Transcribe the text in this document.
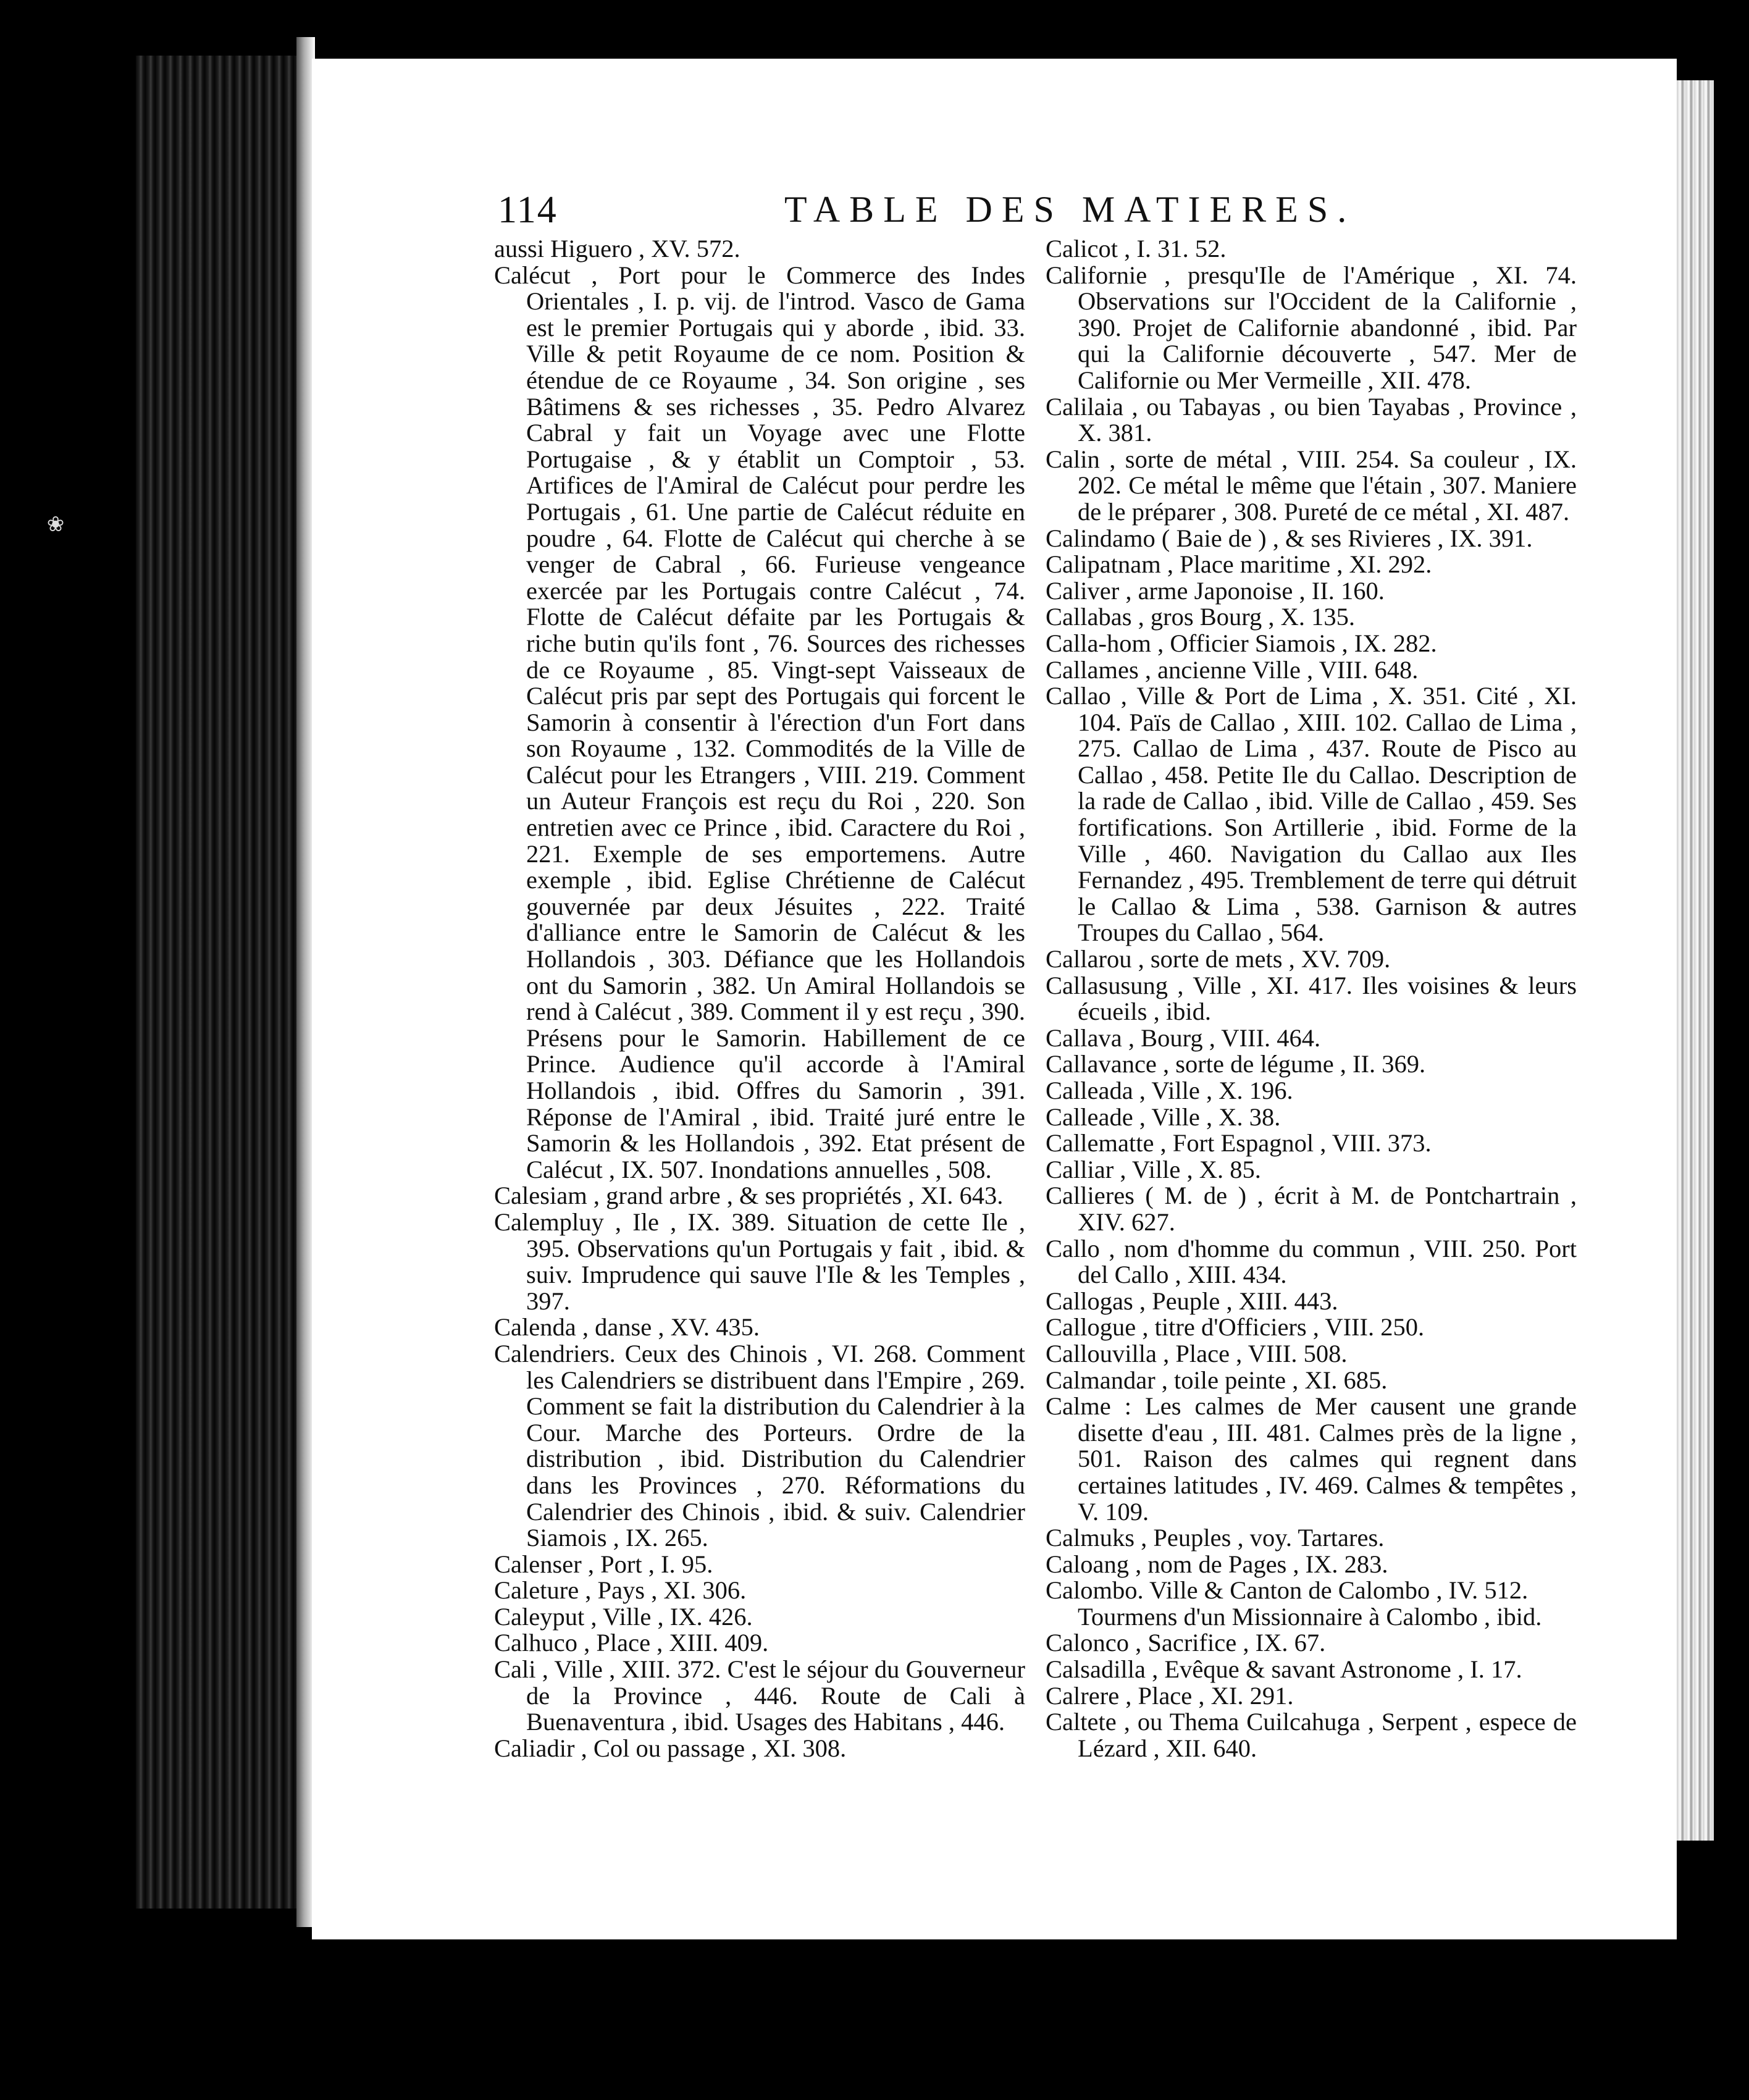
❀
114	TABLE DES MATIERES.

aussi Higuero , XV. 572.

Calécut , Port pour le Commerce des Indes Orientales , I. p. vij. de l'introd. Vasco de Gama est le premier Portugais qui y aborde , ibid. 33. Ville & petit Royaume de ce nom. Position & étendue de ce Royaume , 34. Son origine , ses Bâtimens & ses richesses , 35. Pedro Alvarez Cabral y fait un Voyage avec une Flotte Portugaise , & y établit un Comptoir , 53. Artifices de l'Amiral de Calécut pour perdre les Portugais , 61. Une partie de Calécut réduite en poudre , 64. Flotte de Calécut qui cherche à se venger de Cabral , 66. Furieuse vengeance exercée par les Portugais contre Calécut , 74. Flotte de Calécut défaite par les Portugais & riche butin qu'ils font , 76. Sources des richesses de ce Royaume , 85. Vingt-sept Vaisseaux de Calécut pris par sept des Portugais qui forcent le Samorin à consentir à l'érection d'un Fort dans son Royaume , 132. Commodités de la Ville de Calécut pour les Etrangers , VIII. 219. Comment un Auteur François est reçu du Roi , 220. Son entretien avec ce Prince , ibid. Caractere du Roi , 221. Exemple de ses emportemens. Autre exemple , ibid. Eglise Chrétienne de Calécut gouvernée par deux Jésuites , 222. Traité d'alliance entre le Samorin de Calécut & les Hollandois , 303. Défiance que les Hollandois ont du Samorin , 382. Un Amiral Hollandois se rend à Calécut , 389. Comment il y est reçu , 390. Présens pour le Samorin. Habillement de ce Prince. Audience qu'il accorde à l'Amiral Hollandois , ibid. Offres du Samorin , 391. Réponse de l'Amiral , ibid. Traité juré entre le Samorin & les Hollandois , 392. Etat présent de Calécut , IX. 507. Inondations annuelles , 508.

Calesiam , grand arbre , & ses propriétés , XI. 643.

Calempluy , Ile , IX. 389. Situation de cette Ile , 395. Observations qu'un Portugais y fait , ibid. & suiv. Imprudence qui sauve l'Ile & les Temples , 397.

Calenda , danse , XV. 435.

Calendriers. Ceux des Chinois , VI. 268. Comment les Calendriers se distribuent dans l'Empire , 269. Comment se fait la distribution du Calendrier à la Cour. Marche des Porteurs. Ordre de la distribution , ibid. Distribution du Calendrier dans les Provinces , 270. Réformations du Calendrier des Chinois , ibid. & suiv. Calendrier Siamois , IX. 265.

Calenser , Port , I. 95.

Caleture , Pays , XI. 306.

Caleyput , Ville , IX. 426.

Calhuco , Place , XIII. 409.

Cali , Ville , XIII. 372. C'est le séjour du Gouverneur de la Province , 446. Route de Cali à Buenaventura , ibid. Usages des Habitans , 446.

Caliadir , Col ou passage , XI. 308.

Calicot , I. 31. 52.

Californie , presqu'Ile de l'Amérique , XI. 74. Observations sur l'Occident de la Californie , 390. Projet de Californie abandonné , ibid. Par qui la Californie découverte , 547. Mer de Californie ou Mer Vermeille , XII. 478.

Calilaia , ou Tabayas , ou bien Tayabas , Province , X. 381.

Calin , sorte de métal , VIII. 254. Sa couleur , IX. 202. Ce métal le même que l'étain , 307. Maniere de le préparer , 308. Pureté de ce métal , XI. 487.

Calindamo ( Baie de ) , & ses Rivieres , IX. 391.

Calipatnam , Place maritime , XI. 292.

Caliver , arme Japonoise , II. 160.

Callabas , gros Bourg , X. 135.

Calla-hom , Officier Siamois , IX. 282.

Callames , ancienne Ville , VIII. 648.

Callao , Ville & Port de Lima , X. 351. Cité , XI. 104. Païs de Callao , XIII. 102. Callao de Lima , 275. Callao de Lima , 437. Route de Pisco au Callao , 458. Petite Ile du Callao. Description de la rade de Callao , ibid. Ville de Callao , 459. Ses fortifications. Son Artillerie , ibid. Forme de la Ville , 460. Navigation du Callao aux Iles Fernandez , 495. Tremblement de terre qui détruit le Callao & Lima , 538. Garnison & autres Troupes du Callao , 564.

Callarou , sorte de mets , XV. 709.

Callasusung , Ville , XI. 417. Iles voisines & leurs écueils , ibid.

Callava , Bourg , VIII. 464.

Callavance , sorte de légume , II. 369.

Calleada , Ville , X. 196.

Calleade , Ville , X. 38.

Callematte , Fort Espagnol , VIII. 373.

Calliar , Ville , X. 85.

Callieres ( M. de ) , écrit à M. de Pontchartrain , XIV. 627.

Callo , nom d'homme du commun , VIII. 250. Port del Callo , XIII. 434.

Callogas , Peuple , XIII. 443.

Callogue , titre d'Officiers , VIII. 250.

Callouvilla , Place , VIII. 508.

Calmandar , toile peinte , XI. 685.

Calme : Les calmes de Mer causent une grande disette d'eau , III. 481. Calmes près de la ligne , 501. Raison des calmes qui regnent dans certaines latitudes , IV. 469. Calmes & tempêtes , V. 109.

Calmuks , Peuples , voy. Tartares.

Caloang , nom de Pages , IX. 283.

Calombo. Ville & Canton de Calombo , IV. 512.

Tourmens d'un Missionnaire à Calombo , ibid.

Calonco , Sacrifice , IX. 67.

Calsadilla , Evêque & savant Astronome , I. 17.

Calrere , Place , XI. 291.

Caltete , ou Thema Cuilcahuga , Serpent , espece de Lézard , XII. 640.
